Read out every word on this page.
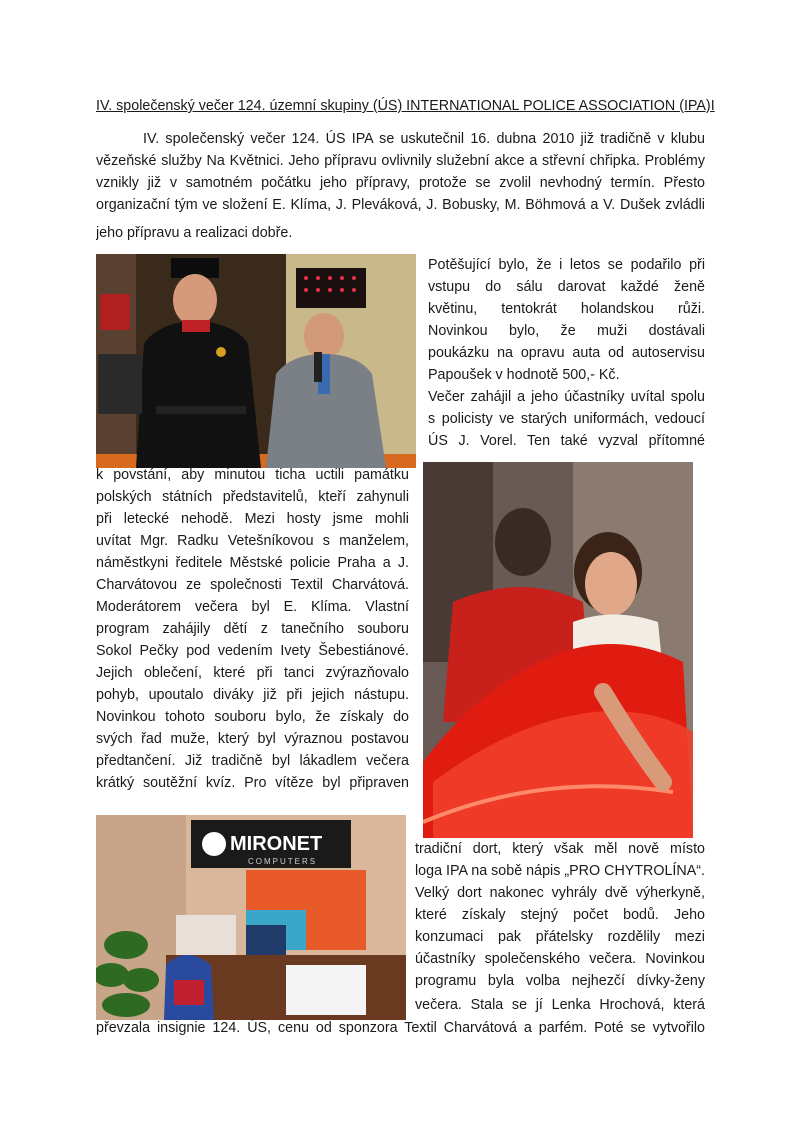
IV. společenský večer 124. územní skupiny (ÚS) INTERNATIONAL POLICE ASSOCIATION (IPA)I
IV. společenský večer 124. ÚS IPA se uskutečnil 16. dubna 2010 již tradičně v klubu
vězeňské služby Na Květnici. Jeho přípravu ovlivnily služební akce a střevní chřipka. Problémy
vznikly již v samotném počátku jeho přípravy, protože se zvolil nevhodný termín. Přesto
organizační tým ve složení E. Klíma, J. Pleváková, J. Bobusky, M. Böhmová a V. Dušek zvládli
jeho přípravu a realizaci dobře.
Potěšující bylo, že i letos se podařilo při
vstupu do sálu darovat každé ženě
květinu, tentokrát holandskou růži.
Novinkou bylo, že muži dostávali
poukázku na opravu auta od autoservisu
Papoušek v hodnotě 500,- Kč.
Večer zahájil a jeho účastníky uvítal spolu
s policisty ve starých uniformách, vedoucí
ÚS J. Vorel. Ten také vyzval přítomné
k povstání, aby minutou ticha uctili památku
polských státních představitelů, kteří zahynuli
při letecké nehodě. Mezi hosty jsme mohli
uvítat Mgr. Radku Vetešníkovou s manželem,
náměstkyni ředitele Městské policie Praha a J.
Charvátovou ze společnosti Textil Charvátová.
Moderátorem večera byl E. Klíma. Vlastní
program zahájily dětí z tanečního souboru
Sokol Pečky pod vedením Ivety Šebestiánové.
Jejich oblečení, které při tanci zvýrazňovalo
pohyb, upoutalo diváky již při jejich nástupu.
Novinkou tohoto souboru bylo, že získaly do
svých řad muže, který byl výraznou postavou
předtančení. Již tradičně byl lákadlem večera
krátký soutěžní kvíz. Pro vítěze byl připraven
MIRONET
COMPUTERS
tradiční dort, který však měl nově místo
loga IPA na sobě nápis „PRO CHYTROLÍNA“.
Velký dort nakonec vyhrály dvě výherkyně,
které získaly stejný počet bodů. Jeho
konzumaci pak přátelsky rozdělily mezi
účastníky společenského večera. Novinkou
programu byla volba nejhezčí dívky-ženy
večera. Stala se jí Lenka Hrochová, která
převzala insignie 124. ÚS, cenu od sponzora Textil Charvátová a parfém. Poté se vytvořilo
